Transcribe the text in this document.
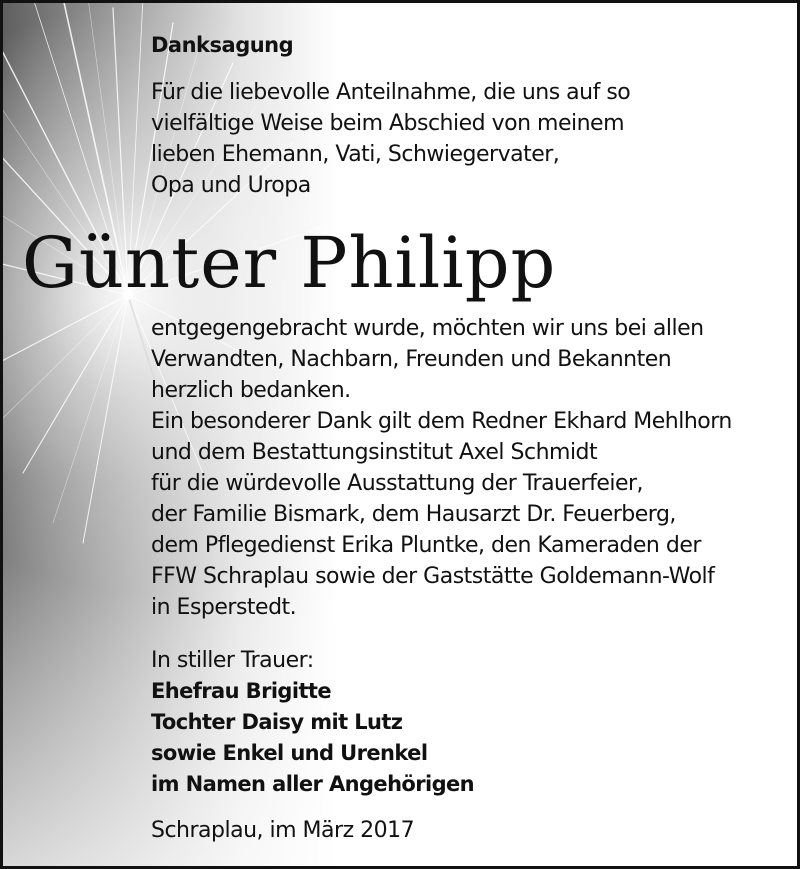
Danksagung
Für die liebevolle Anteilnahme, die uns auf so
vielfältige Weise beim Abschied von meinem
lieben Ehemann, Vati, Schwiegervater,
Opa und Uropa
Günter Philipp
entgegengebracht wurde, möchten wir uns bei allen
Verwandten, Nachbarn, Freunden und Bekannten
herzlich bedanken.
Ein besonderer Dank gilt dem Redner Ekhard Mehlhorn
und dem Bestattungsinstitut Axel Schmidt
für die würdevolle Ausstattung der Trauerfeier,
der Familie Bismark, dem Hausarzt Dr. Feuerberg,
dem Pflegedienst Erika Pluntke, den Kameraden der
FFW Schraplau sowie der Gaststätte Goldemann-Wolf
in Esperstedt.
In stiller Trauer:
Ehefrau Brigitte
Tochter Daisy mit Lutz
sowie Enkel und Urenkel
im Namen aller Angehörigen
Schraplau, im März 2017
